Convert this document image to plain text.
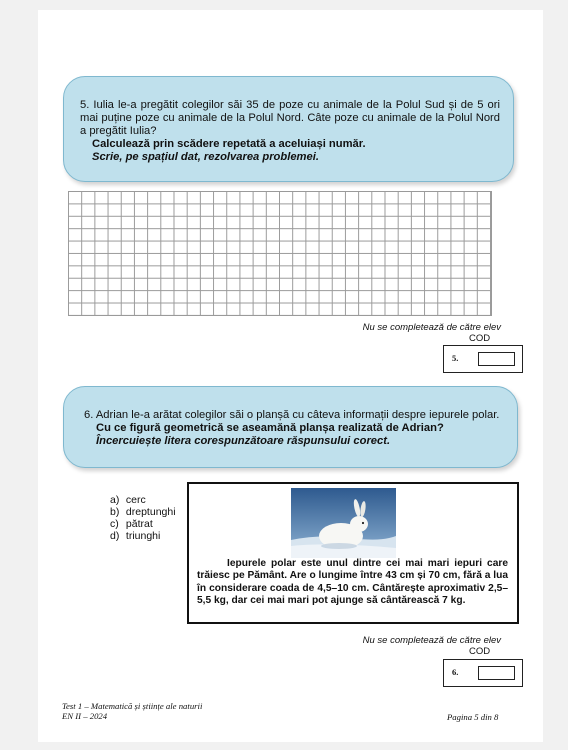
5. Iulia le-a pregătit colegilor săi 35 de poze cu animale de la Polul Sud și de 5 ori mai puține poze cu animale de la Polul Nord. Câte poze cu animale de la Polul Nord a pregătit Iulia?
Calculează prin scădere repetată a aceluiași număr.
Scrie, pe spațiul dat, rezolvarea problemei.
Nu se completează de către elev
COD
5.
6. Adrian le-a arătat colegilor săi o planșă cu câteva informații despre iepurele polar.
Cu ce figură geometrică se aseamănă planșa realizată de Adrian?
Încercuiește litera corespunzătoare răspunsului corect.
a) cerc
b) dreptunghi
c) pătrat
d) triunghi
Iepurele polar este unul dintre cei mai mari iepuri care trăiesc pe Pământ. Are o lungime între 43 cm și 70 cm, fără a lua în considerare coada de 4,5–10 cm. Cântărește aproximativ 2,5–5,5 kg, dar cei mai mari pot ajunge să cântărească 7 kg.
Nu se completează de către elev
COD
6.
Test 1 – Matematică și științe ale naturii
EN II – 2024	Pagina 5 din 8
